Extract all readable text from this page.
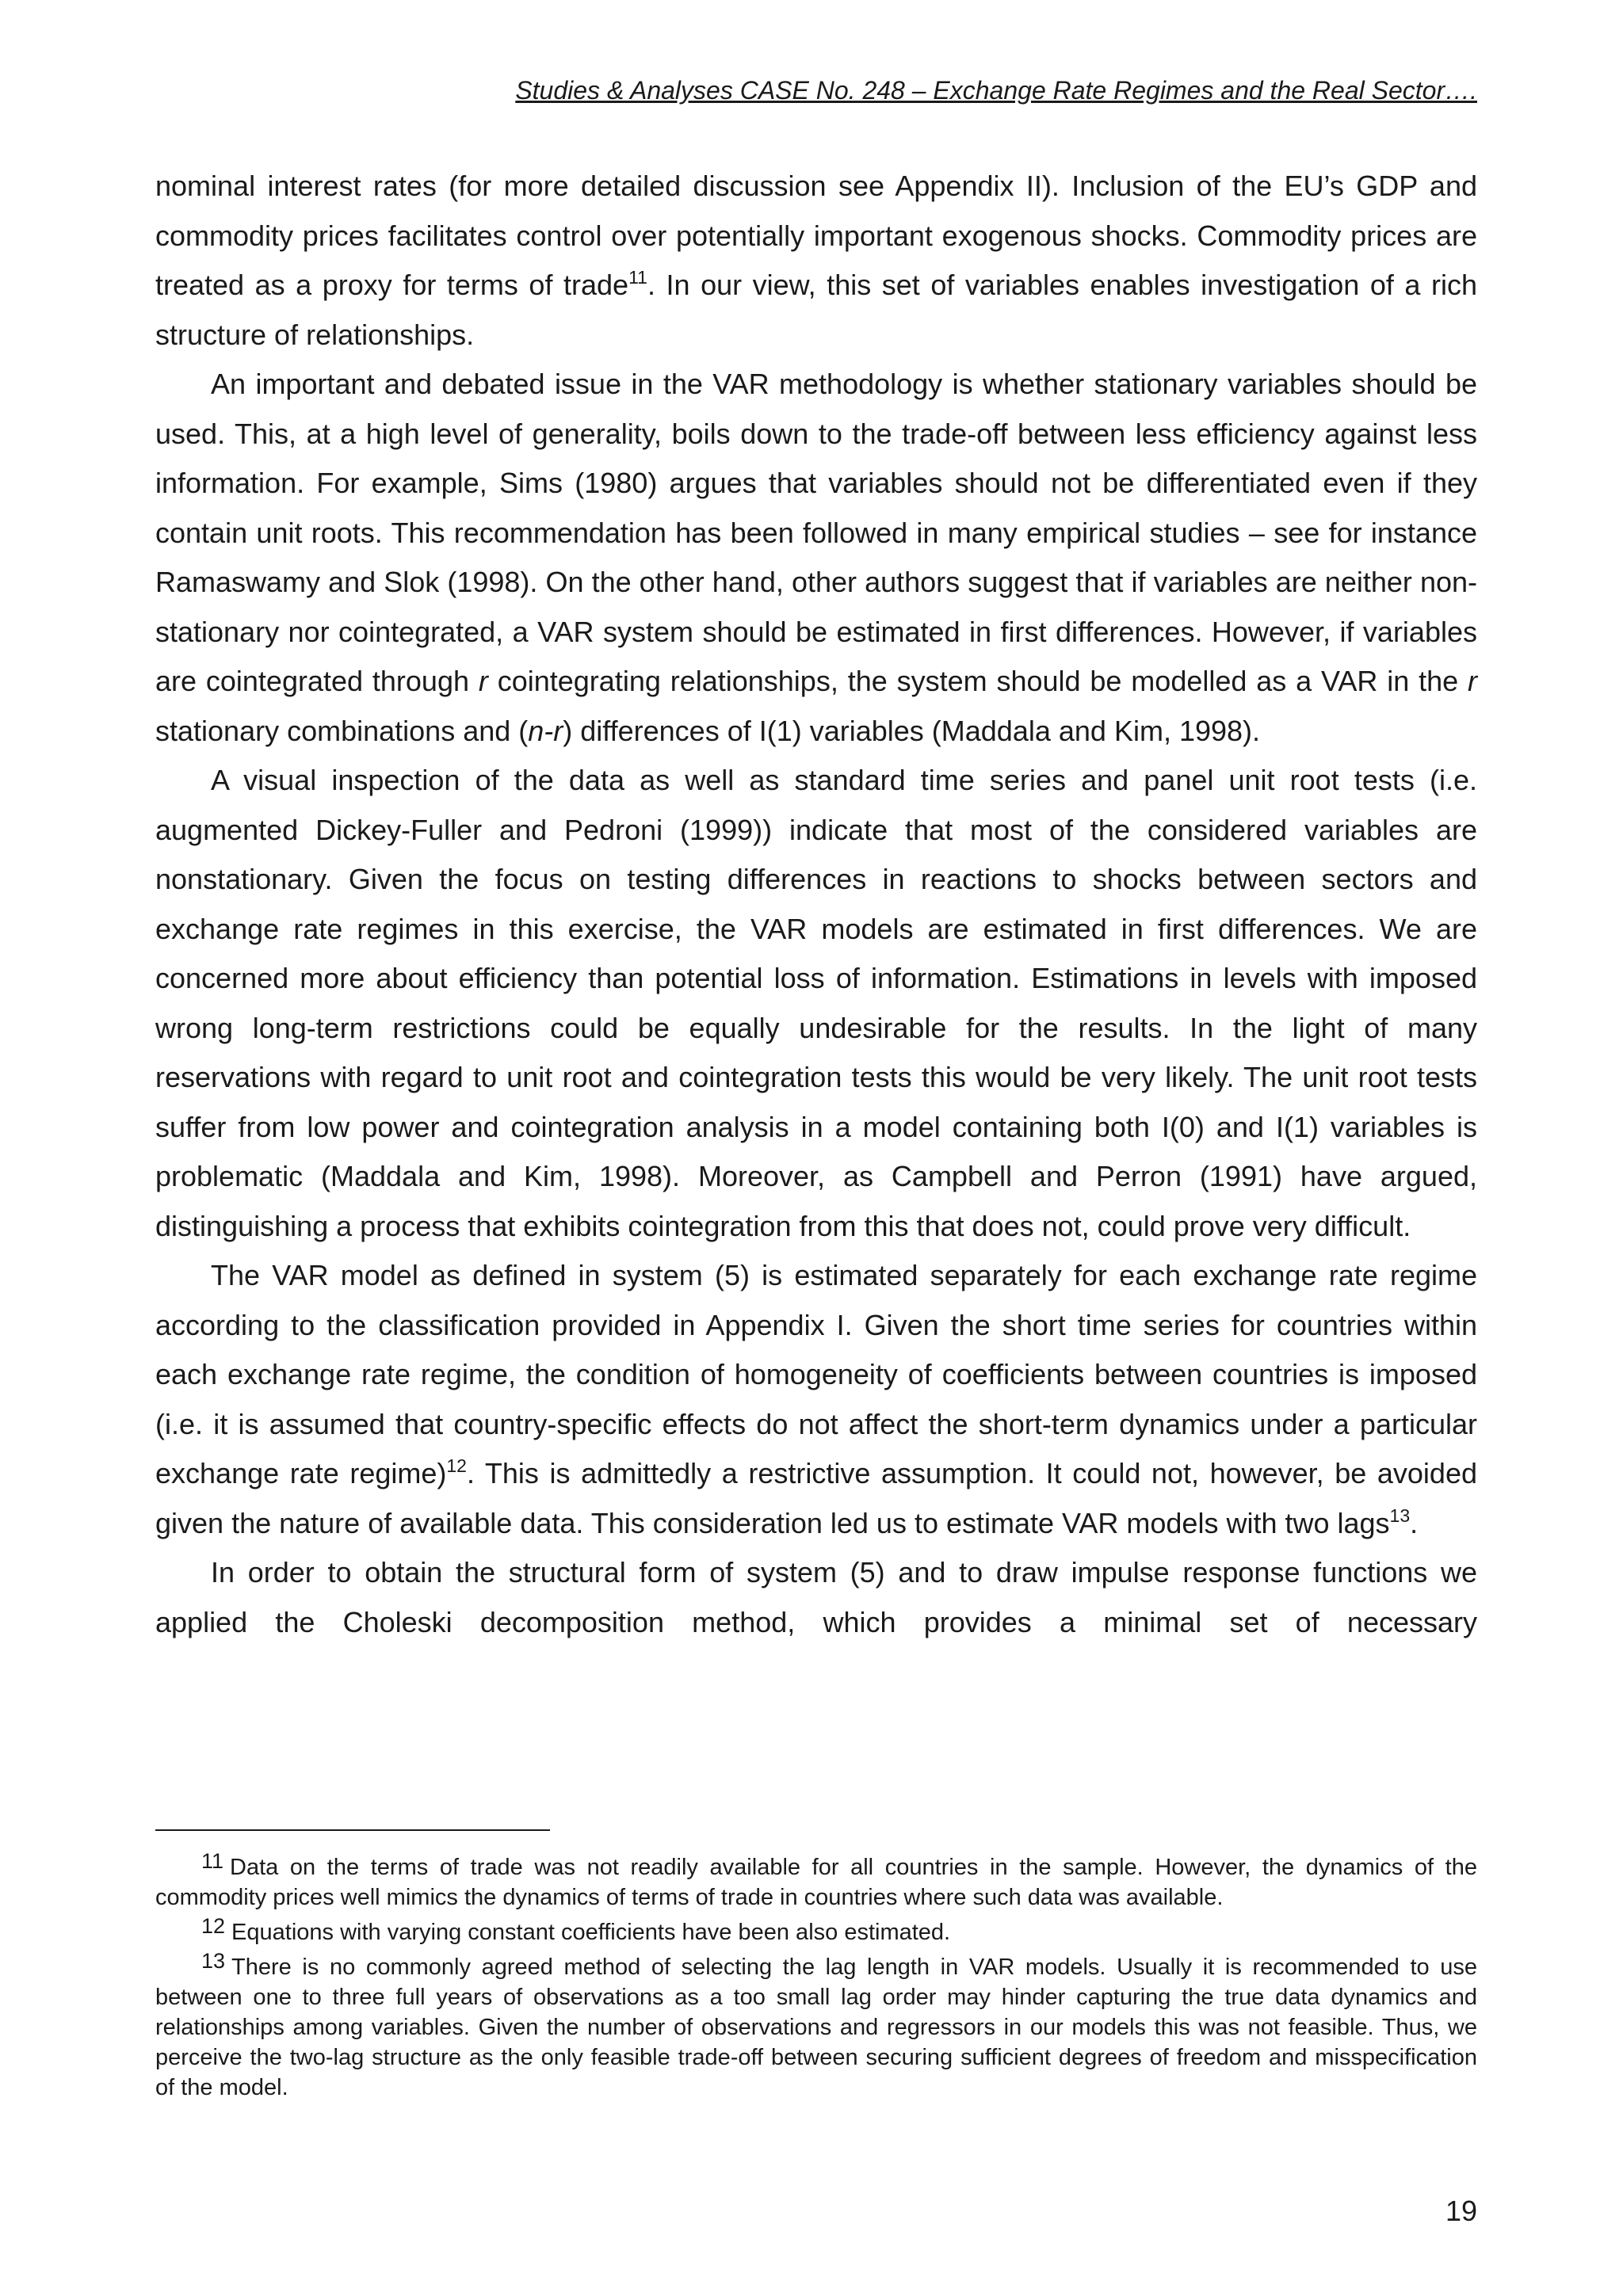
Studies & Analyses CASE No. 248 – Exchange Rate Regimes and the Real Sector….

nominal interest rates (for more detailed discussion see Appendix II). Inclusion of the EU’s GDP and commodity prices facilitates control over potentially important exogenous shocks. Commodity prices are treated as a proxy for terms of trade$^{11}$. In our view, this set of variables enables investigation of a rich structure of relationships.

An important and debated issue in the VAR methodology is whether stationary variables should be used. This, at a high level of generality, boils down to the trade-off between less efficiency against less information. For example, Sims (1980) argues that variables should not be differentiated even if they contain unit roots. This recommendation has been followed in many empirical studies – see for instance Ramaswamy and Slok (1998). On the other hand, other authors suggest that if variables are neither non-stationary nor cointegrated, a VAR system should be estimated in first differences. However, if variables are cointegrated through r cointegrating relationships, the system should be modelled as a VAR in the r stationary combinations and (n-r) differences of I(1) variables (Maddala and Kim, 1998).

A visual inspection of the data as well as standard time series and panel unit root tests (i.e. augmented Dickey-Fuller and Pedroni (1999)) indicate that most of the considered variables are nonstationary. Given the focus on testing differences in reactions to shocks between sectors and exchange rate regimes in this exercise, the VAR models are estimated in first differences. We are concerned more about efficiency than potential loss of information. Estimations in levels with imposed wrong long-term restrictions could be equally undesirable for the results. In the light of many reservations with regard to unit root and cointegration tests this would be very likely. The unit root tests suffer from low power and cointegration analysis in a model containing both I(0) and I(1) variables is problematic (Maddala and Kim, 1998). Moreover, as Campbell and Perron (1991) have argued, distinguishing a process that exhibits cointegration from this that does not, could prove very difficult.

The VAR model as defined in system (5) is estimated separately for each exchange rate regime according to the classification provided in Appendix I. Given the short time series for countries within each exchange rate regime, the condition of homogeneity of coefficients between countries is imposed (i.e. it is assumed that country-specific effects do not affect the short-term dynamics under a particular exchange rate regime)$^{12}$. This is admittedly a restrictive assumption. It could not, however, be avoided given the nature of available data. This consideration led us to estimate VAR models with two lags$^{13}$.

In order to obtain the structural form of system (5) and to draw impulse response functions we applied the Choleski decomposition method, which provides a minimal set of necessary

$^{11}$ Data on the terms of trade was not readily available for all countries in the sample. However, the dynamics of the commodity prices well mimics the dynamics of terms of trade in countries where such data was available.

$^{12}$ Equations with varying constant coefficients have been also estimated.

$^{13}$ There is no commonly agreed method of selecting the lag length in VAR models. Usually it is recommended to use between one to three full years of observations as a too small lag order may hinder capturing the true data dynamics and relationships among variables. Given the number of observations and regressors in our models this was not feasible. Thus, we perceive the two-lag structure as the only feasible trade-off between securing sufficient degrees of freedom and misspecification of the model.

19
